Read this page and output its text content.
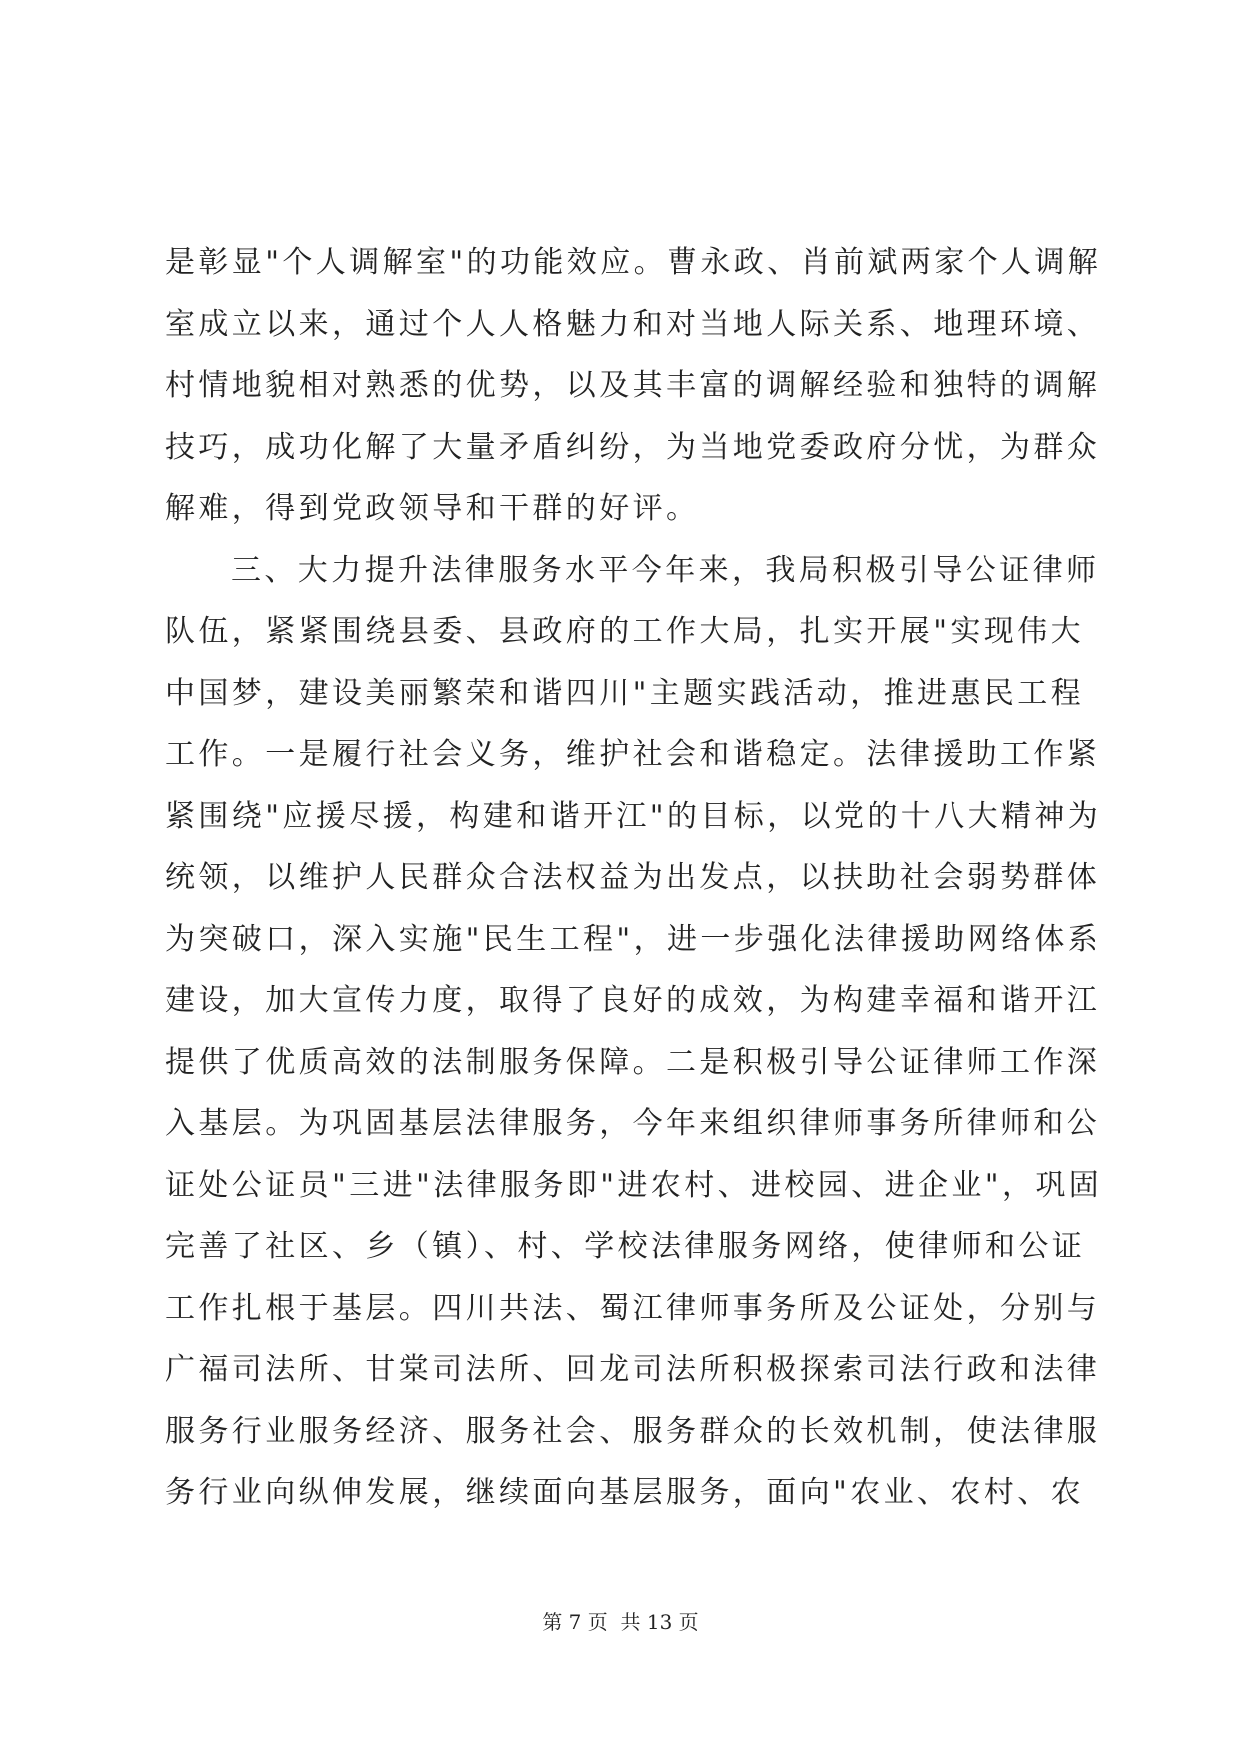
是彰显"个人调解室"的功能效应。曹永政、肖前斌两家个人调解
室成立以来，通过个人人格魅力和对当地人际关系、地理环境、
村情地貌相对熟悉的优势，以及其丰富的调解经验和独特的调解
技巧，成功化解了大量矛盾纠纷，为当地党委政府分忧，为群众
解难，得到党政领导和干群的好评。
三、大力提升法律服务水平今年来，我局积极引导公证律师
队伍，紧紧围绕县委、县政府的工作大局，扎实开展"实现伟大
中国梦，建设美丽繁荣和谐四川"主题实践活动，推进惠民工程
工作。一是履行社会义务，维护社会和谐稳定。法律援助工作紧
紧围绕"应援尽援，构建和谐开江"的目标，以党的十八大精神为
统领，以维护人民群众合法权益为出发点，以扶助社会弱势群体
为突破口，深入实施"民生工程"，进一步强化法律援助网络体系
建设，加大宣传力度，取得了良好的成效，为构建幸福和谐开江
提供了优质高效的法制服务保障。二是积极引导公证律师工作深
入基层。为巩固基层法律服务，今年来组织律师事务所律师和公
证处公证员"三进"法律服务即"进农村、进校园、进企业"，巩固
完善了社区、乡（镇）、村、学校法律服务网络，使律师和公证
工作扎根于基层。四川共法、蜀江律师事务所及公证处，分别与
广福司法所、甘棠司法所、回龙司法所积极探索司法行政和法律
服务行业服务经济、服务社会、服务群众的长效机制，使法律服
务行业向纵伸发展，继续面向基层服务，面向"农业、农村、农
第 7 页  共 13 页
